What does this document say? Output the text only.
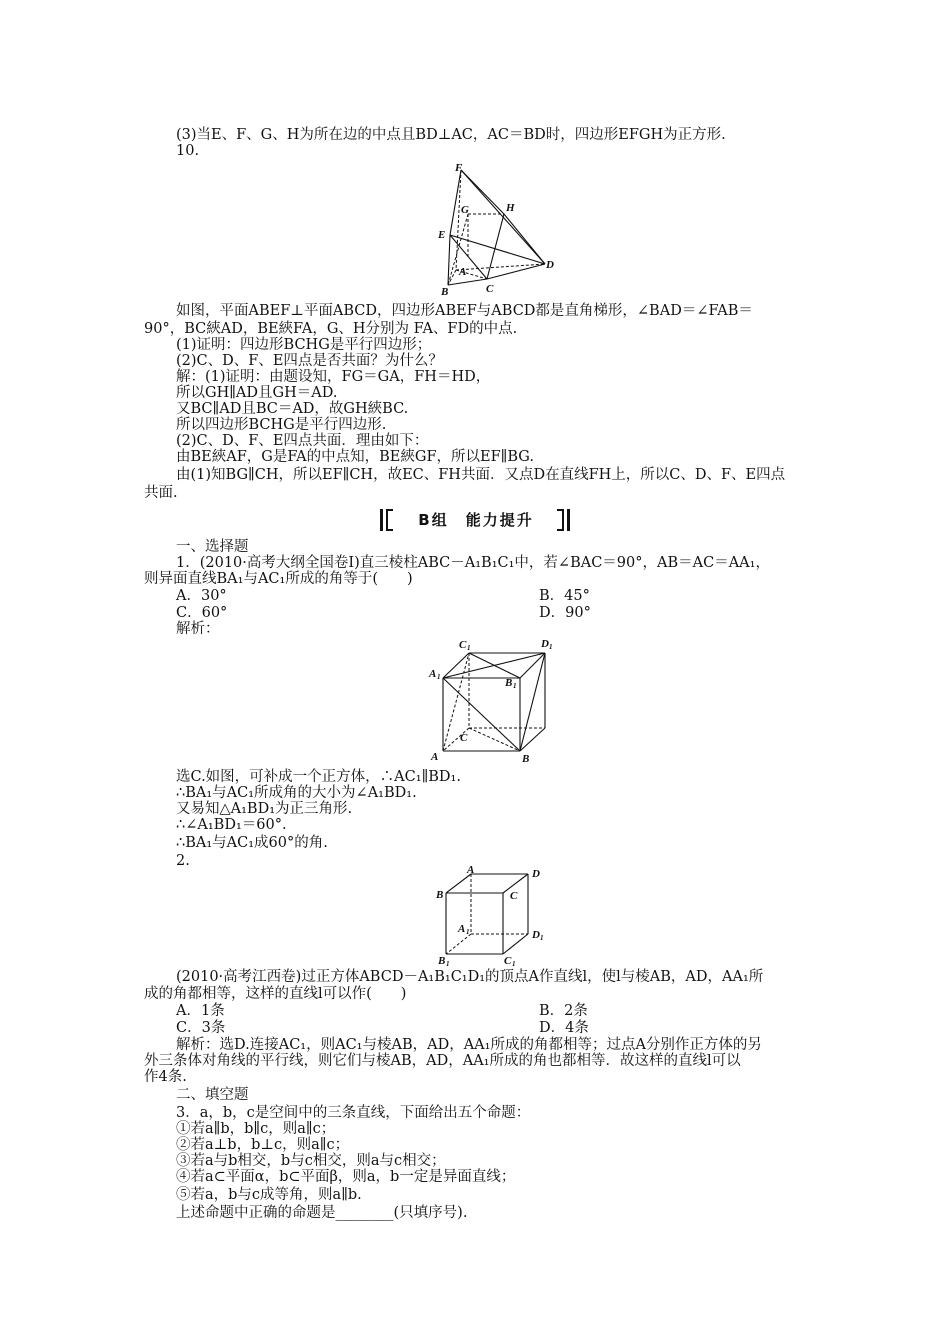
(3)当E、F、G、H为所在边的中点且BD⊥AC，AC＝BD时，四边形EFGH为正方形.
10.
F
G	H
E
A
B	C
D
如图，平面ABEF⊥平面ABCD，四边形ABEF与ABCD都是直角梯形，∠BAD＝∠FAB＝
90°，BC綊AD，BE綊FA，G、H分别为 FA、FD的中点.
(1)证明：四边形BCHG是平行四边形；
(2)C、D、F、E四点是否共面？为什么？
解：(1)证明：由题设知，FG＝GA，FH＝HD，
所以GH∥AD且GH＝AD.
又BC∥AD且BC＝AD，故GH綊BC.
所以四边形BCHG是平行四边形.
(2)C、D、F、E四点共面．理由如下：
由BE綊AF，G是FA的中点知，BE綊GF，所以EF∥BG.
由(1)知BG∥CH，所以EF∥CH，故EC、FH共面．又点D在直线FH上，所以C、D、F、E四点
共面.
B组　能力提升
一、选择题
1．(2010·高考大纲全国卷Ⅰ)直三棱柱ABC－A₁B₁C₁中，若∠BAC＝90°，AB＝AC＝AA₁，
则异面直线BA₁与AC₁所成的角等于(　　)
A．30°	B．45°
C．60°	D．90°
解析：
C 1	D 1
A 1	B 1
C
A	B
选C.如图，可补成一个正方体，∴AC₁∥BD₁.
∴BA₁与AC₁所成角的大小为∠A₁BD₁.
又易知△A₁BD₁为正三角形.
∴∠A₁BD₁＝60°.
∴BA₁与AC₁成60°的角.
2.
A	D
B	C
A 1	D 1
B 1	C 1
(2010·高考江西卷)过正方体ABCD－A₁B₁C₁D₁的顶点A作直线l，使l与棱AB，AD，AA₁所
成的角都相等，这样的直线l可以作(　　)
A．1条	B．2条
C．3条	D．4条
解析：选D.连接AC₁，则AC₁与棱AB，AD，AA₁所成的角都相等；过点A分别作正方体的另
外三条体对角线的平行线，则它们与棱AB，AD，AA₁所成的角也都相等．故这样的直线l可以
作4条.
二、填空题
3．a，b，c是空间中的三条直线，下面给出五个命题：
①若a∥b，b∥c，则a∥c；
②若a⊥b，b⊥c，则a∥c；
③若a与b相交，b与c相交，则a与c相交；
④若a⊂平面α，b⊂平面β，则a，b一定是异面直线；
⑤若a，b与c成等角，则a∥b.
上述命题中正确的命题是________(只填序号).
